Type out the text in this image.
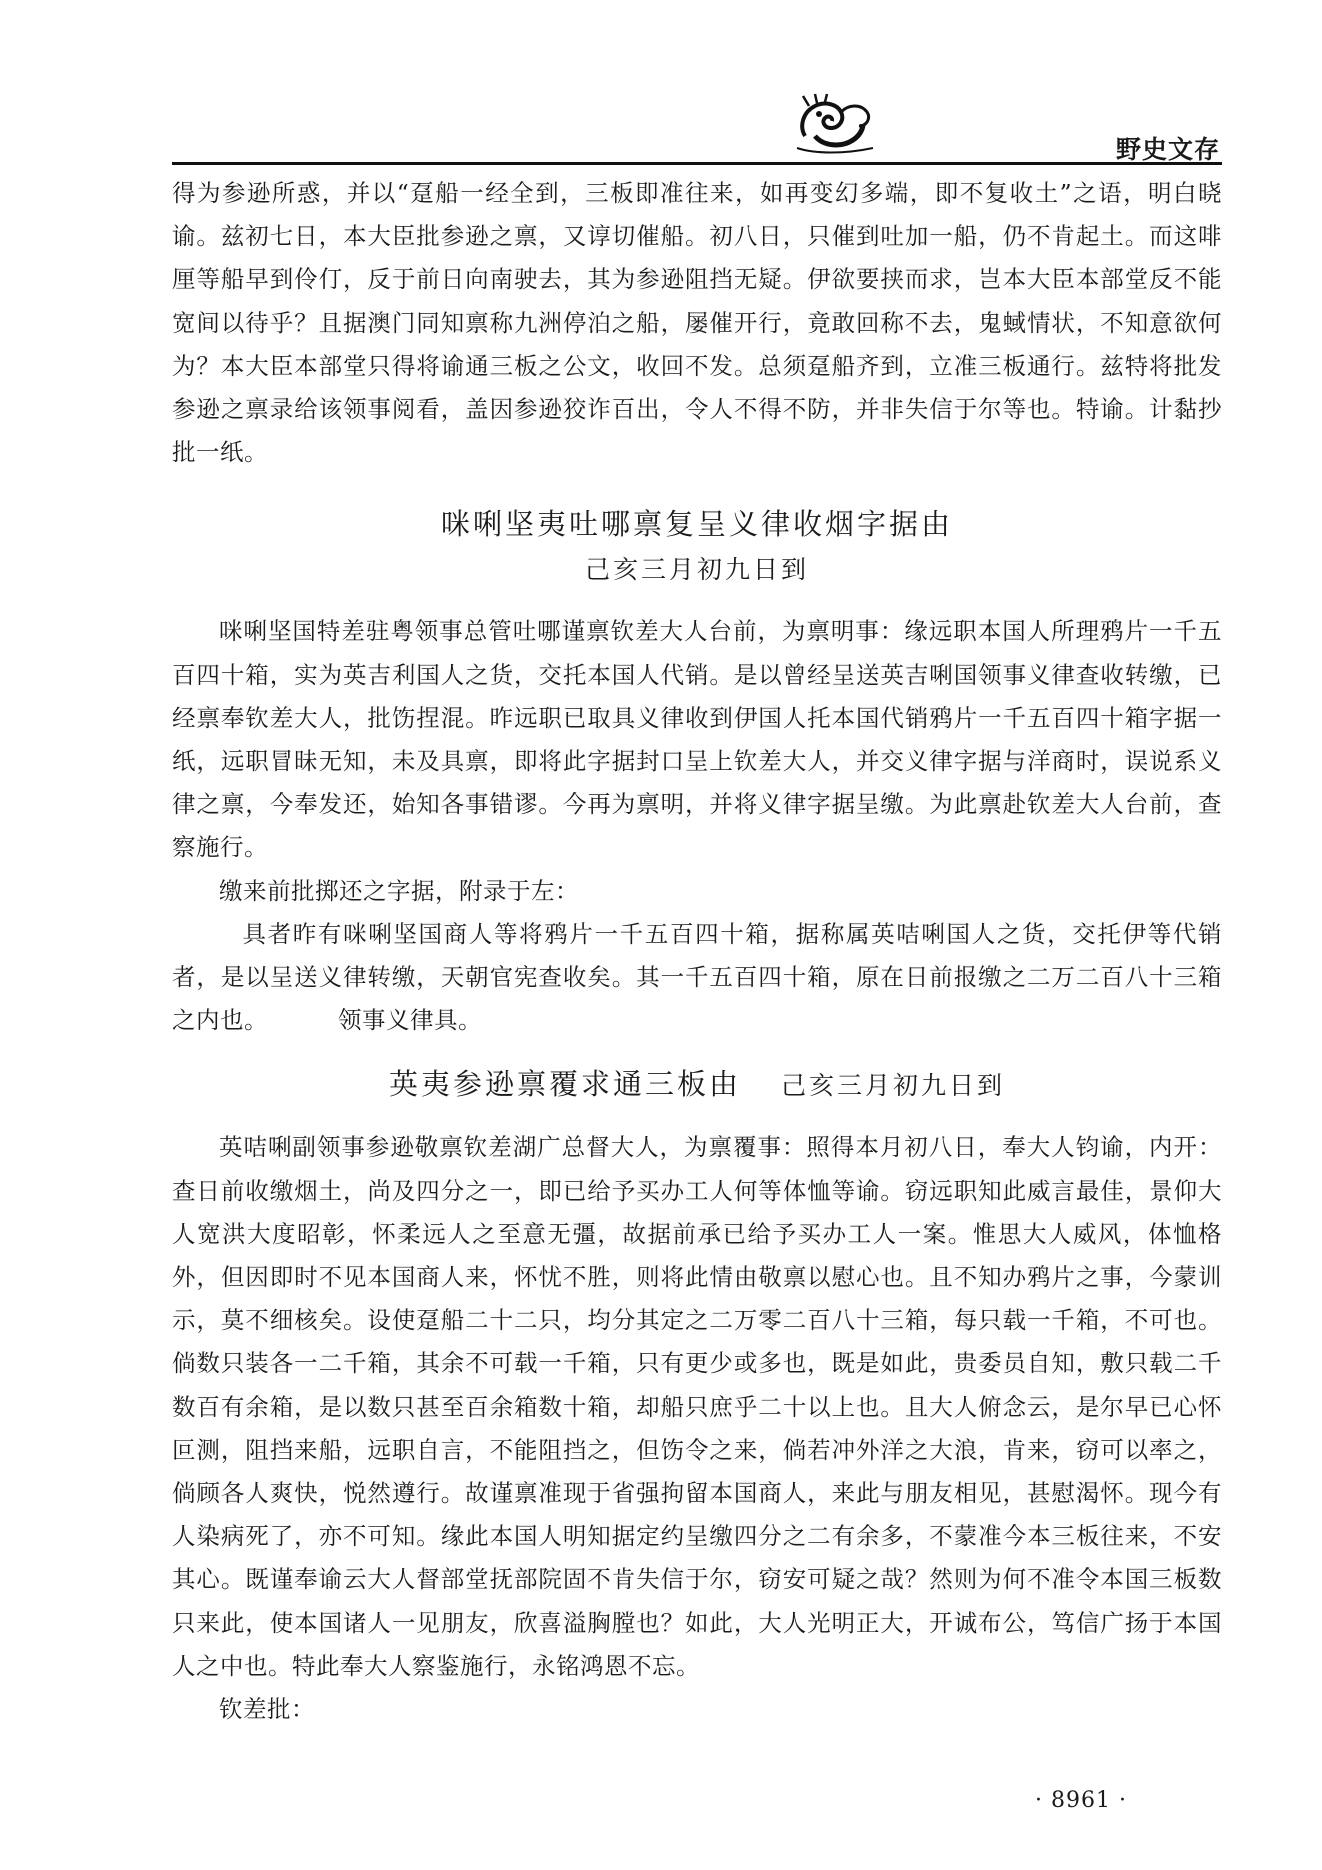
野史文存

得为参逊所惑，并以“趸船一经全到，三板即准往来，如再变幻多端，即不复收土”之语，明白晓谕。兹初七日，本大臣批参逊之禀，又谆切催船。初八日，只催到吐加一船，仍不肯起土。而这啡厘等船早到伶仃，反于前日向南驶去，其为参逊阻挡无疑。伊欲要挟而求，岂本大臣本部堂反不能宽间以待乎？且据澳门同知禀称九洲停泊之船，屡催开行，竟敢回称不去，鬼蜮情状，不知意欲何为？本大臣本部堂只得将谕通三板之公文，收回不发。总须趸船齐到，立准三板通行。兹特将批发参逊之禀录给该领事阅看，盖因参逊狡诈百出，令人不得不防，并非失信于尔等也。特谕。计黏抄批一纸。

咪唎坚夷吐哪禀复呈义律收烟字据由
己亥三月初九日到

咪唎坚国特差驻粤领事总管吐哪谨禀钦差大人台前，为禀明事：缘远职本国人所理鸦片一千五百四十箱，实为英吉利国人之货，交托本国人代销。是以曾经呈送英吉唎国领事义律查收转缴，已经禀奉钦差大人，批饬捏混。昨远职已取具义律收到伊国人托本国代销鸦片一千五百四十箱字据一纸，远职冒昧无知，未及具禀，即将此字据封口呈上钦差大人，并交义律字据与洋商时，误说系义律之禀，今奉发还，始知各事错谬。今再为禀明，并将义律字据呈缴。为此禀赴钦差大人台前，查察施行。

缴来前批掷还之字据，附录于左：

具者昨有咪唎坚国商人等将鸦片一千五百四十箱，据称属英咭唎国人之货，交托伊等代销者，是以呈送义律转缴，天朝官宪查收矣。其一千五百四十箱，原在日前报缴之二万二百八十三箱之内也。	领事义律具。

英夷参逊禀覆求通三板由 己亥三月初九日到

英咭唎副领事参逊敬禀钦差湖广总督大人，为禀覆事：照得本月初八日，奉大人钧谕，内开：查日前收缴烟土，尚及四分之一，即已给予买办工人何等体恤等谕。窃远职知此威言最佳，景仰大人宽洪大度昭彰，怀柔远人之至意无彊，故据前承已给予买办工人一案。惟思大人威风，体恤格外，但因即时不见本国商人来，怀忧不胜，则将此情由敬禀以慰心也。且不知办鸦片之事，今蒙训示，莫不细核矣。设使趸船二十二只，均分其定之二万零二百八十三箱，每只载一千箱，不可也。倘数只装各一二千箱，其余不可载一千箱，只有更少或多也，既是如此，贵委员自知，敷只载二千数百有余箱，是以数只甚至百余箱数十箱，却船只庶乎二十以上也。且大人俯念云，是尔早已心怀叵测，阻挡来船，远职自言，不能阻挡之，但饬令之来，倘若冲外洋之大浪，肯来，窃可以率之，倘顾各人爽快，悦然遵行。故谨禀准现于省强拘留本国商人，来此与朋友相见，甚慰渴怀。现今有人染病死了，亦不可知。缘此本国人明知据定约呈缴四分之二有余多，不蒙准今本三板往来，不安其心。既谨奉谕云大人督部堂抚部院固不肯失信于尔，窃安可疑之哉？然则为何不准令本国三板数只来此，使本国诸人一见朋友，欣喜溢胸膛也？如此，大人光明正大，开诚布公，笃信广扬于本国人之中也。特此奉大人察鉴施行，永铭鸿恩不忘。

钦差批：

· 8961 ·
